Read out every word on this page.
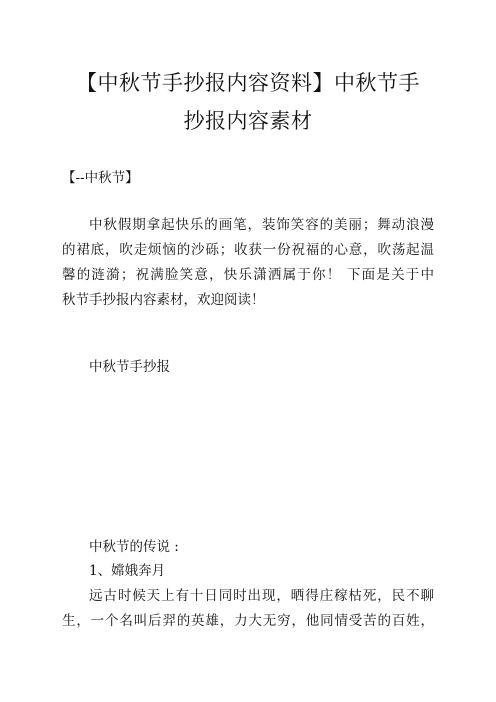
【中秋节手抄报内容资料】中秋节手
抄报内容素材
【--中秋节】
中秋假期拿起快乐的画笔，装饰笑容的美丽；舞动浪漫
的裙底，吹走烦恼的沙砾；收获一份祝福的心意，吹荡起温
馨的涟漪；祝满脸笑意，快乐潇洒属于你！ 下面是关于中
秋节手抄报内容素材，欢迎阅读！
中秋节手抄报
中秋节的传说 :
1、嫦娥奔月
远古时候天上有十日同时出现，晒得庄稼枯死，民不聊
生，一个名叫后羿的英雄，力大无穷，他同情受苦的百姓，
